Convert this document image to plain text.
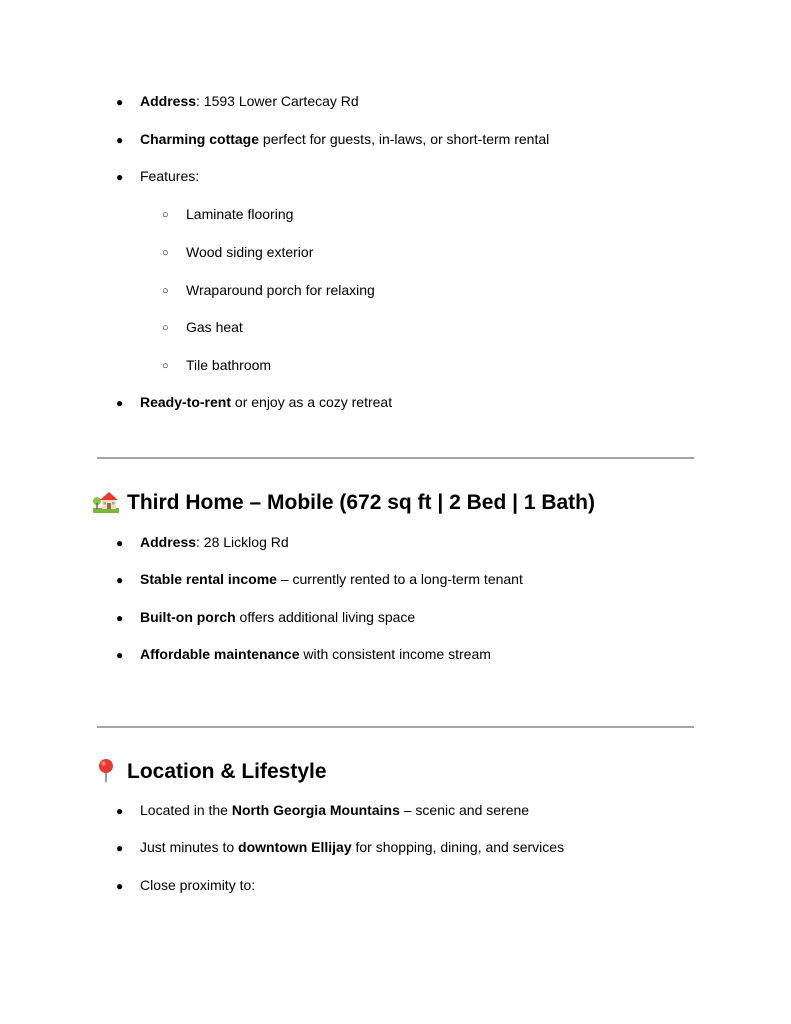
● Address: 1593 Lower Cartecay Rd
● Charming cottage perfect for guests, in-laws, or short-term rental
● Features:
○ Laminate flooring
○ Wood siding exterior
○ Wraparound porch for relaxing
○ Gas heat
○ Tile bathroom
● Ready-to-rent or enjoy as a cozy retreat
Third Home – Mobile (672 sq ft | 2 Bed | 1 Bath)
● Address: 28 Licklog Rd
● Stable rental income – currently rented to a long-term tenant
● Built-on porch offers additional living space
● Affordable maintenance with consistent income stream
Location & Lifestyle
● Located in the North Georgia Mountains – scenic and serene
● Just minutes to downtown Ellijay for shopping, dining, and services
● Close proximity to:
